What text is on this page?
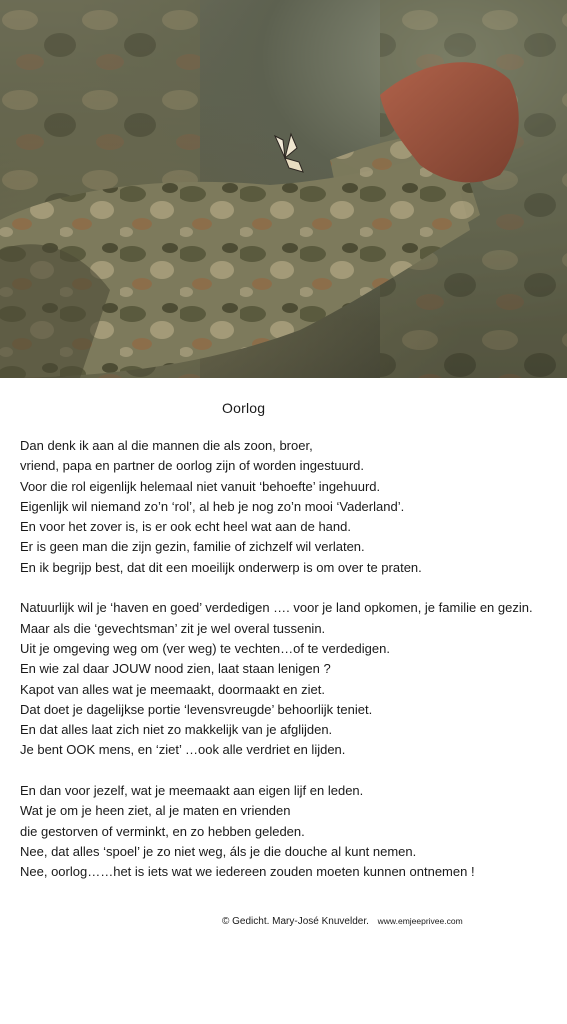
Oorlog
Dan denk ik aan al die mannen die als zoon, broer,
vriend, papa en partner de oorlog zijn of worden ingestuurd.
Voor die rol eigenlijk helemaal niet vanuit ‘behoefte’ ingehuurd.
Eigenlijk wil niemand zo’n ‘rol’, al heb je nog zo’n mooi ‘Vaderland’.
En voor het zover is, is er ook echt heel wat aan de hand.
Er is geen man die zijn gezin, familie of zichzelf wil verlaten.
En ik begrijp best, dat dit een moeilijk onderwerp is om over te praten.
Natuurlijk wil je ‘haven en goed’ verdedigen …. voor je land opkomen, je familie en gezin.
Maar als die ‘gevechtsman’ zit je wel overal tussenin.
Uit je omgeving weg om (ver weg) te vechten…of te verdedigen.
En wie zal daar JOUW nood zien, laat staan lenigen ?
Kapot van alles wat je meemaakt, doormaakt en ziet.
Dat doet je dagelijkse portie ‘levensvreugde’ behoorlijk teniet.
En dat alles laat zich niet zo makkelijk van je afglijden.
Je bent OOK mens, en ‘ziet’ …ook alle verdriet en lijden.
En dan voor jezelf, wat je meemaakt aan eigen lijf en leden.
Wat je om je heen ziet, al je maten en vrienden
die gestorven of verminkt, en zo hebben geleden.
Nee, dat alles ‘spoel’ je zo niet weg, áls je die douche al kunt nemen.
Nee, oorlog……het is iets wat we iedereen zouden moeten kunnen ontnemen !
© Gedicht. Mary-José Knuvelder. www.emjeeprivee.com
